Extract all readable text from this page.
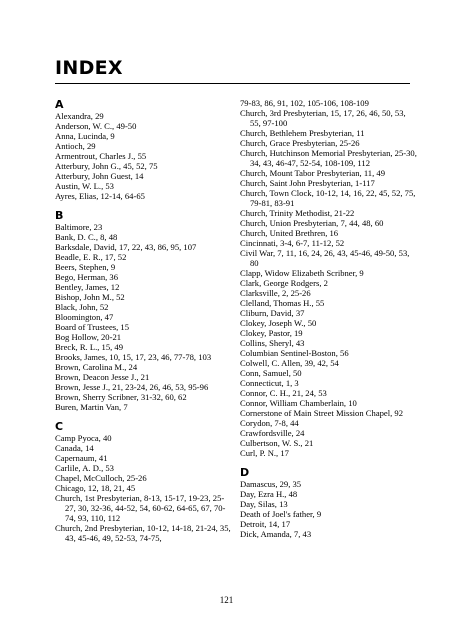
INDEX
A
Alexandra, 29
Anderson, W. C., 49-50
Anna, Lucinda, 9
Antioch, 29
Armentrout, Charles J., 55
Atterbury, John G., 45, 52, 75
Atterbury, John Guest, 14
Austin, W. L., 53
Ayres, Elias, 12-14, 64-65
B
Baltimore, 23
Bank, D. C., 8, 48
Barksdale, David, 17, 22, 43, 86, 95, 107
Beadle, E. R., 17, 52
Beers, Stephen, 9
Bego, Herman, 36
Bentley, James, 12
Bishop, John M., 52
Black, John, 52
Bloomington, 47
Board of Trustees, 15
Bog Hollow, 20-21
Breck, R. L., 15, 49
Brooks, James, 10, 15, 17, 23, 46, 77-78, 103
Brown, Carolina M., 24
Brown, Deacon Jesse J., 21
Brown, Jesse J., 21, 23-24, 26, 46, 53, 95-96
Brown, Sherry Scribner, 31-32, 60, 62
Buren, Martin Van, 7
C
Camp Pyoca, 40
Canada, 14
Capernaum, 41
Carlile, A. D., 53
Chapel, McCulloch, 25-26
Chicago, 12, 18, 21, 45
Church, 1st Presbyterian, 8-13, 15-17, 19-23, 25-27, 30, 32-36, 44-52, 54, 60-62, 64-65, 67, 70-74, 93, 110, 112
Church, 2nd Presbyterian, 10-12, 14-18, 21-24, 35, 43, 45-46, 49, 52-53, 74-75,
79-83, 86, 91, 102, 105-106, 108-109
Church, 3rd Presbyterian, 15, 17, 26, 46, 50, 53, 55, 97-100
Church, Bethlehem Presbyterian, 11
Church, Grace Presbyterian, 25-26
Church, Hutchinson Memorial Presbyterian, 25-30, 34, 43, 46-47, 52-54, 108-109, 112
Church, Mount Tabor Presbyterian, 11, 49
Church, Saint John Presbyterian, 1-117
Church, Town Clock, 10-12, 14, 16, 22, 45, 52, 75, 79-81, 83-91
Church, Trinity Methodist, 21-22
Church, Union Presbyterian, 7, 44, 48, 60
Church, United Brethren, 16
Cincinnati, 3-4, 6-7, 11-12, 52
Civil War, 7, 11, 16, 24, 26, 43, 45-46, 49-50, 53, 80
Clapp, Widow Elizabeth Scribner, 9
Clark, George Rodgers, 2
Clarksville, 2, 25-26
Clelland, Thomas H., 55
Cliburn, David, 37
Clokey, Joseph W., 50
Clokey, Pastor, 19
Collins, Sheryl, 43
Columbian Sentinel-Boston, 56
Colwell, C. Allen, 39, 42, 54
Conn, Samuel, 50
Connecticut, 1, 3
Connor, C. H., 21, 24, 53
Connor, William Chamberlain, 10
Cornerstone of Main Street Mission Chapel, 92
Corydon, 7-8, 44
Crawfordsville, 24
Culbertson, W. S., 21
Curl, P. N., 17
D
Damascus, 29, 35
Day, Ezra H., 48
Day, Silas, 13
Death of Joel's father, 9
Detroit, 14, 17
Dick, Amanda, 7, 43
121
